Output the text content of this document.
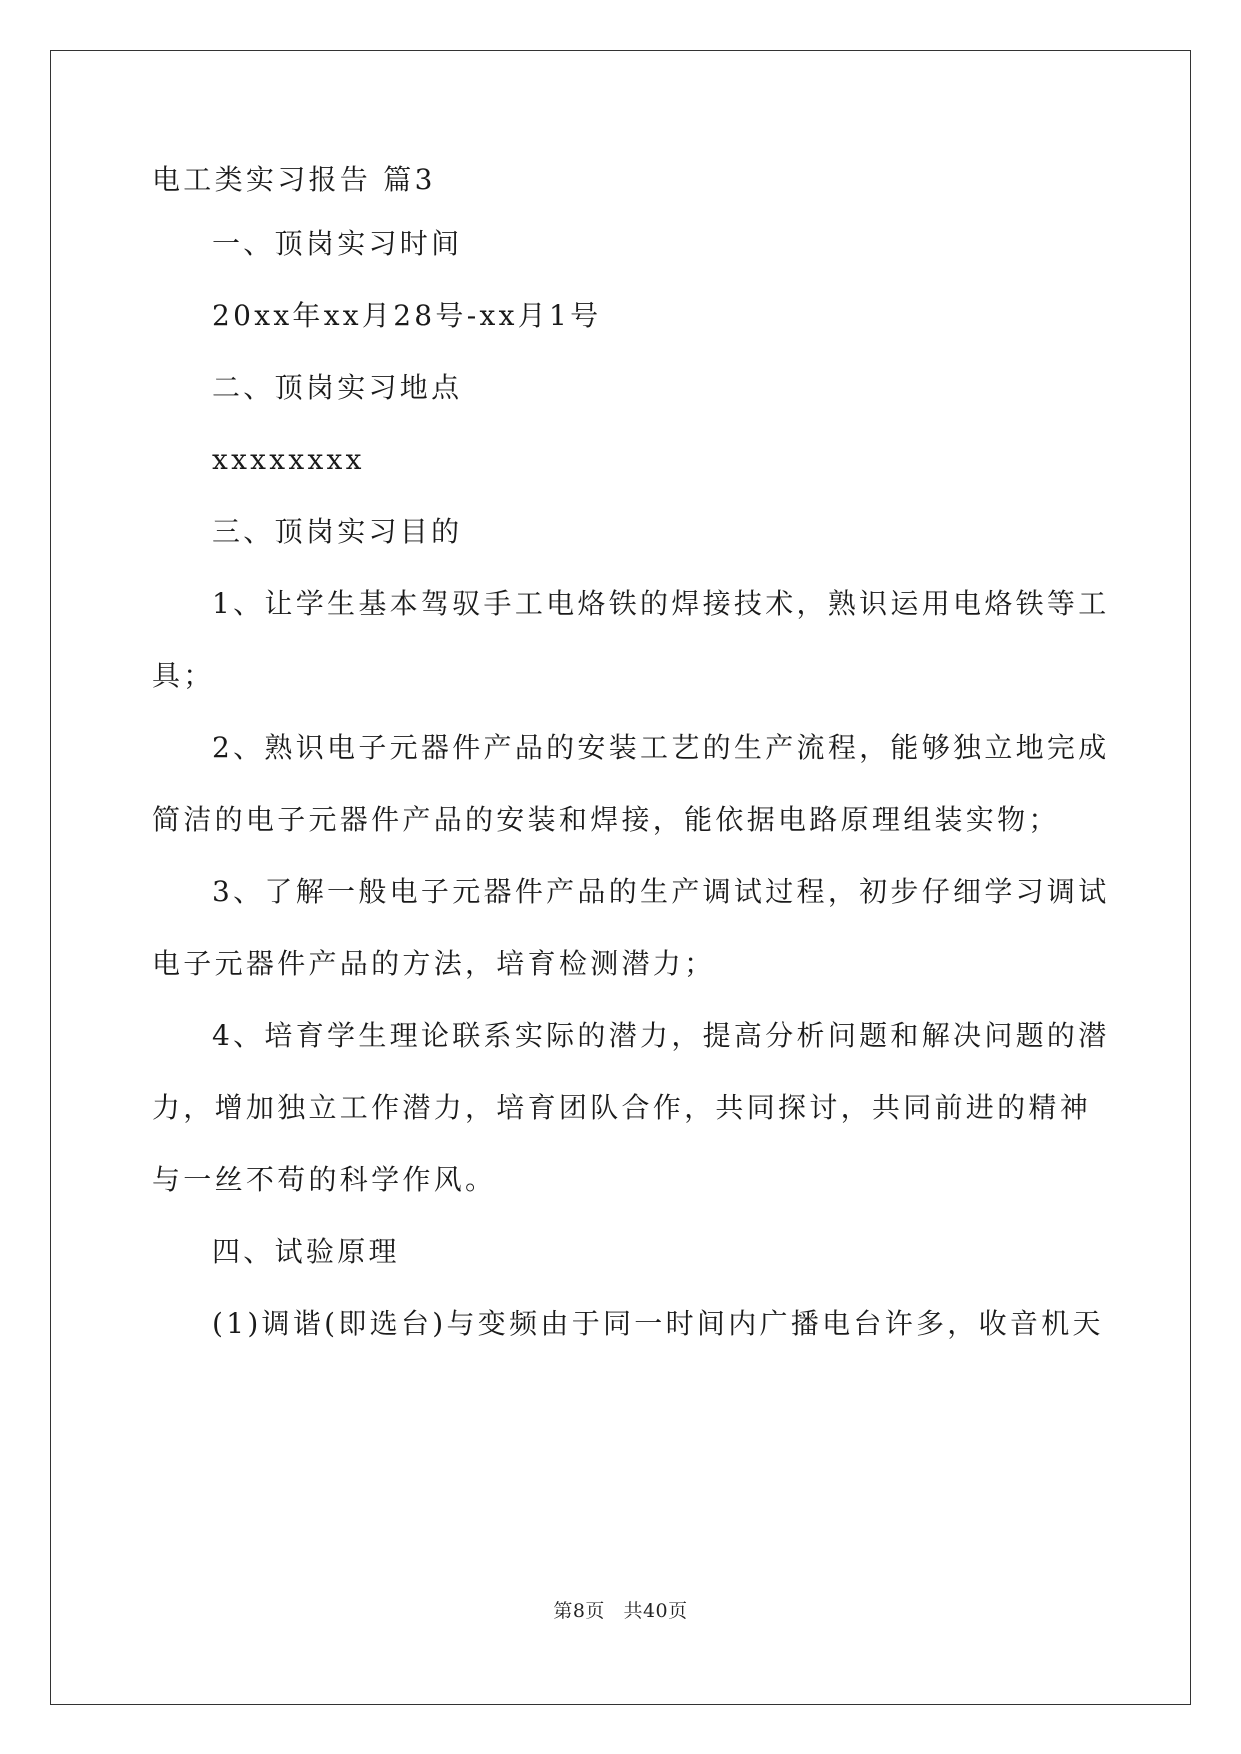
电工类实习报告 篇3
一、顶岗实习时间
20xx年xx月28号-xx月1号
二、顶岗实习地点
xxxxxxxx
三、顶岗实习目的
1、让学生基本驾驭手工电烙铁的焊接技术，熟识运用电烙铁等工
具；
2、熟识电子元器件产品的安装工艺的生产流程，能够独立地完成
简洁的电子元器件产品的安装和焊接，能依据电路原理组装实物；
3、了解一般电子元器件产品的生产调试过程，初步仔细学习调试
电子元器件产品的方法，培育检测潜力；
4、培育学生理论联系实际的潜力，提高分析问题和解决问题的潜
力，增加独立工作潜力，培育团队合作，共同探讨，共同前进的精神
与一丝不苟的科学作风。
四、试验原理
(1)调谐(即选台)与变频由于同一时间内广播电台许多，收音机天
第8页 共40页
